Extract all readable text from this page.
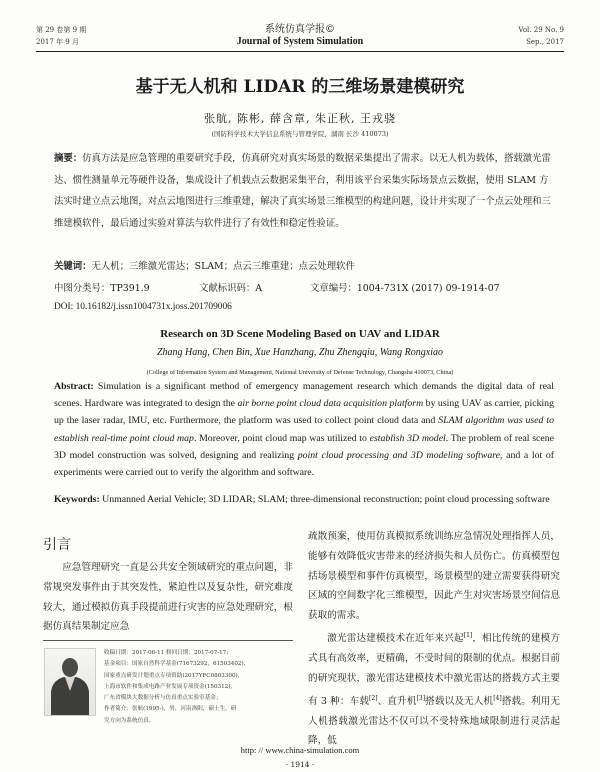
第 29 卷第 9 期
2017 年 9 月
系统仿真学报©
Journal of System Simulation
Vol. 29 No. 9
Sep., 2017
基于无人机和 LIDAR 的三维场景建模研究
张航, 陈彬, 薛含章, 朱正秋, 王戎骁
(国防科学技术大学信息系统与管理学院，湖南 长沙 410073)
摘要：仿真方法是应急管理的重要研究手段，仿真研究对真实场景的数据采集提出了需求。以无人机为载体，搭载激光雷达、惯性测量单元等硬件设备，集成设计了机载点云数据采集平台，利用该平台采集实际场景点云数据，使用 SLAM 方法实时建立点云地图，对点云地图进行三维重建，解决了真实场景三维模型的构建问题，设计并实现了一个点云处理和三维建模软件，最后通过实验对算法与软件进行了有效性和稳定性验证。
关键词：无人机；三维激光雷达；SLAM；点云三维重建；点云处理软件
中图分类号：TP391.9	文献标识码：A	文章编号：1004-731X (2017) 09-1914-07
DOI: 10.16182/j.issn1004731x.joss.201709006
Research on 3D Scene Modeling Based on UAV and LIDAR
Zhang Hang, Chen Bin, Xue Hanzhang, Zhu Zhengqiu, Wang Rongxiao
(College of Information System and Management, National University of Defense Technology, Changsha 410073, China)
Abstract: Simulation is a significant method of emergency management research which demands the digital data of real scenes. Hardware was integrated to design the air borne point cloud data acquisition platform by using UAV as carrier, picking up the laser radar, IMU, etc. Furthermore, the platform was used to collect point cloud data and SLAM algorithm was used to establish real-time point cloud map. Moreover, point cloud map was utilized to establish 3D model. The problem of real scene 3D model construction was solved, designing and realizing point cloud processing and 3D modeling software, and a lot of experiments were carried out to verify the algorithm and software.
Keywords: Unmanned Aerial Vehicle; 3D LIDAR; SLAM; three-dimensional reconstruction; point cloud processing software
引言
应急管理研究一直是公共安全领域研究的重点问题，非常规突发事件由于其突发性，紧迫性以及复杂性，研究难度较大，通过模拟仿真手段提前进行灾害的应急处理研究，根据仿真结果制定应急
疏散预案，使用仿真模拟系统训练应急情况处理指挥人员，能够有效降低灾害带来的经济损失和人员伤亡。仿真模型包括场景模型和事件仿真模型，场景模型的建立需要获得研究区域的空间数字化三维模型，因此产生对灾害场景空间信息获取的需求。
激光雷达建模技术在近年来兴起[1]，相比传统的建模方式具有高效率，更精确，不受时间的限制的优点。根据目前的研究现状，激光雷达建模技术中激光雷达的搭载方式主要有 3 种：车载[2]、直升机[3]搭载以及无人机[4]搭载。利用无人机搭载激光雷达不仅可以不受特殊地域限制进行灵活起降，低
收稿日期：2017-06-11 修回日期：2017-07-17；
基金项目：国家自然科学基金(71673292，61503402)，
国家重点研发计划重点专项资助(2017YFC0803300)，
上海市软件和集成电路产业发展专项资金(150312)，
广东省模块大数据分析与仿真重点实验室基金；
作者简介：张航(1995-)，男，河南洛阳，硕士生，研
究方向为系统仿真。
http: // www.china-simulation.com
· 1914 ·
